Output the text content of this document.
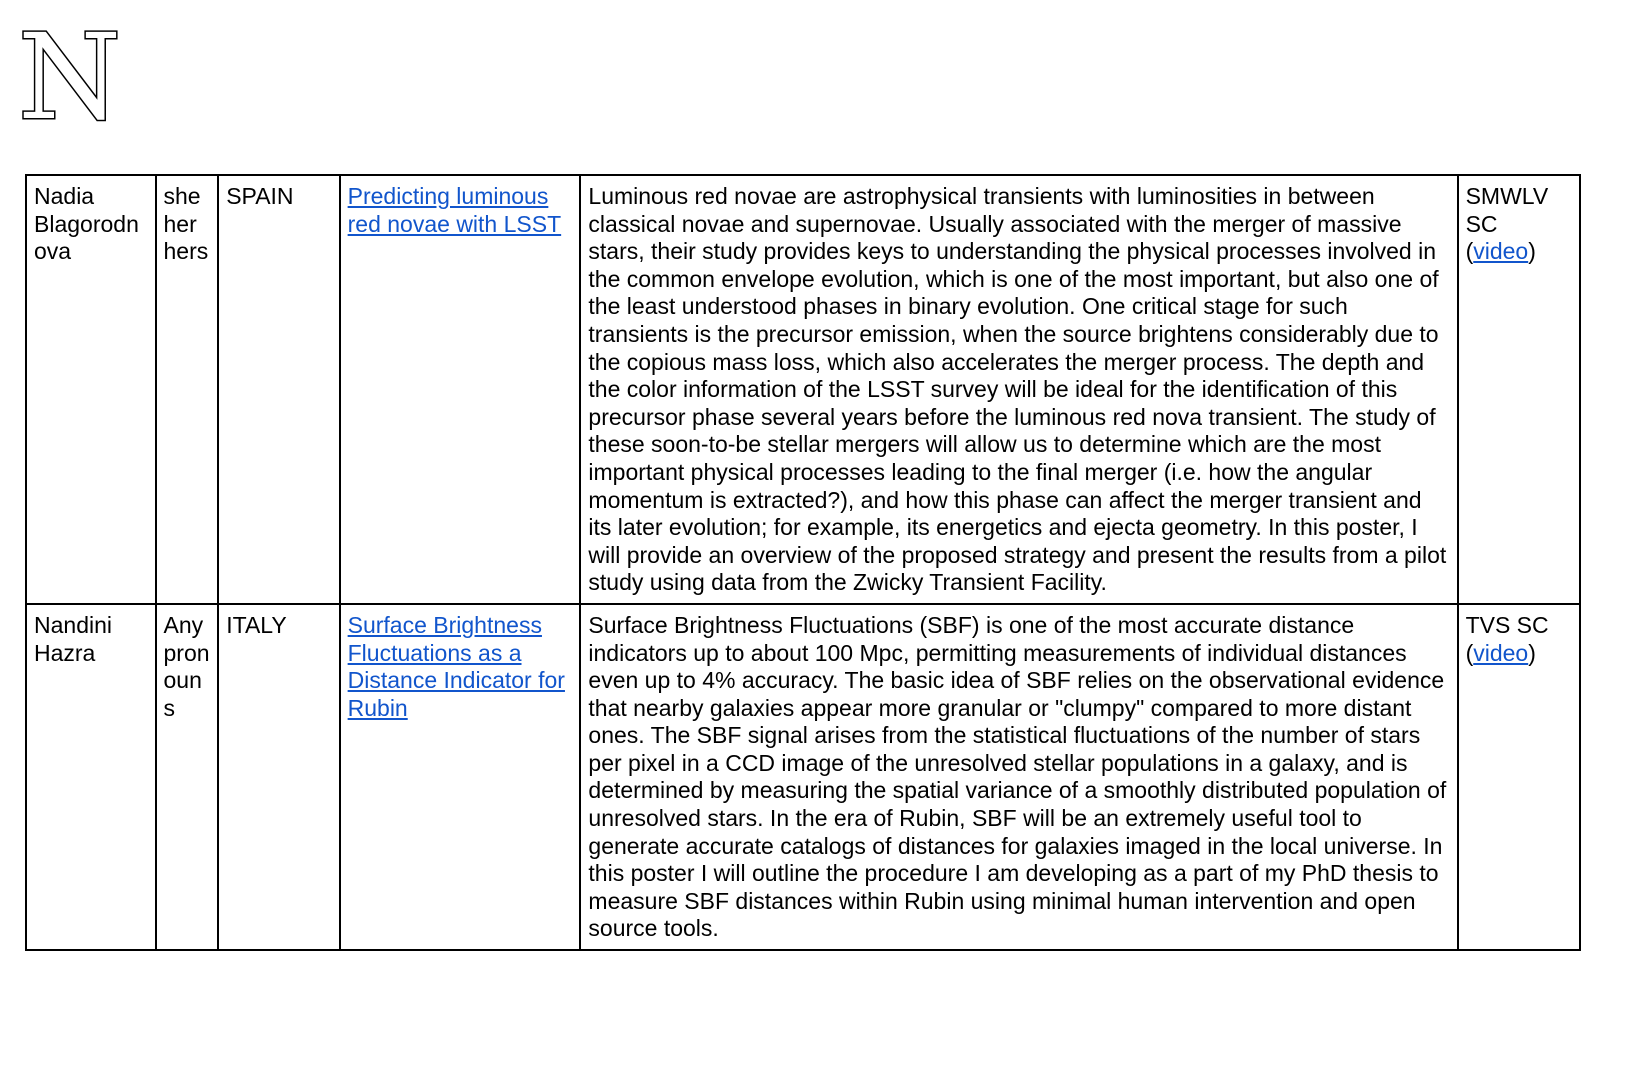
N
Nadia Blagorodnova	she her hers	SPAIN	Predicting luminous red novae with LSST	Luminous red novae are astrophysical transients with luminosities in between classical novae and supernovae. Usually associated with the merger of massive stars, their study provides keys to understanding the physical processes involved in the common envelope evolution, which is one of the most important, but also one of the least understood phases in binary evolution. One critical stage for such transients is the precursor emission, when the source brightens considerably due to the copious mass loss, which also accelerates the merger process. The depth and the color information of the LSST survey will be ideal for the identification of this precursor phase several years before the luminous red nova transient. The study of these soon-to-be stellar mergers will allow us to determine which are the most important physical processes leading to the final merger (i.e. how the angular momentum is extracted?), and how this phase can affect the merger transient and its later evolution; for example, its energetics and ejecta geometry. In this poster, I will provide an overview of the proposed strategy and present the results from a pilot study using data from the Zwicky Transient Facility.	SMWLV SC
(video)
Nandini Hazra	Any pronouns	ITALY	Surface Brightness Fluctuations as a Distance Indicator for Rubin	Surface Brightness Fluctuations (SBF) is one of the most accurate distance indicators up to about 100 Mpc, permitting measurements of individual distances even up to 4% accuracy. The basic idea of SBF relies on the observational evidence that nearby galaxies appear more granular or "clumpy" compared to more distant ones. The SBF signal arises from the statistical fluctuations of the number of stars per pixel in a CCD image of the unresolved stellar populations in a galaxy, and is determined by measuring the spatial variance of a smoothly distributed population of unresolved stars. In the era of Rubin, SBF will be an extremely useful tool to generate accurate catalogs of distances for galaxies imaged in the local universe. In this poster I will outline the procedure I am developing as a part of my PhD thesis to measure SBF distances within Rubin using minimal human intervention and open source tools.	TVS SC
(video)
